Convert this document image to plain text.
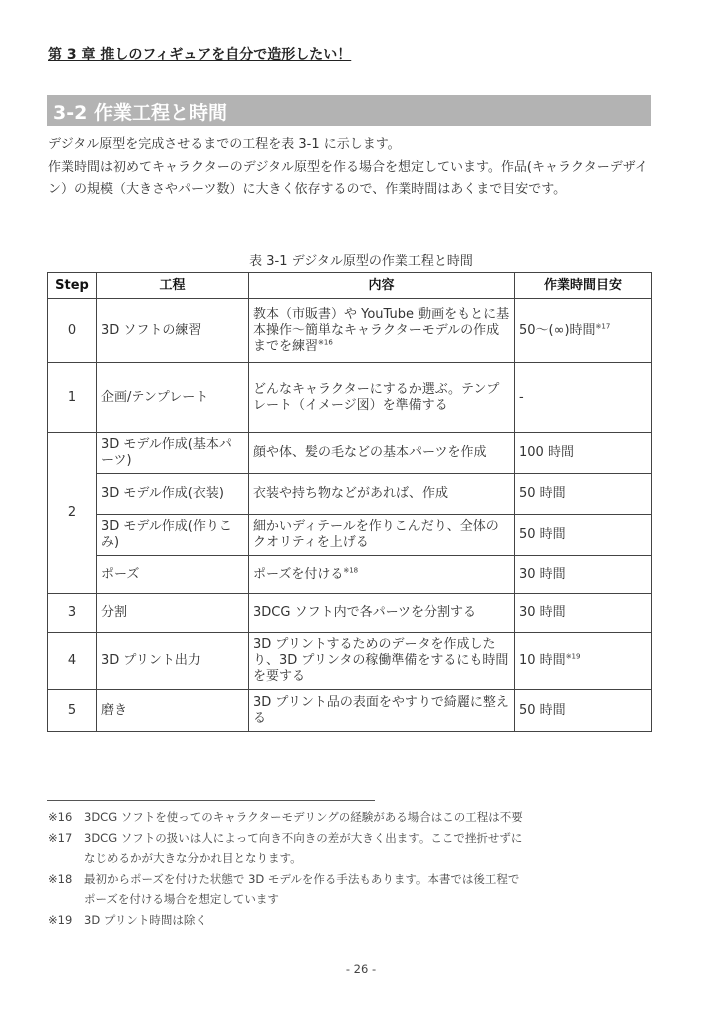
第 3 章 推しのフィギュアを自分で造形したい！
3-2 作業工程と時間

デジタル原型を完成させるまでの工程を表 3-1 に示します。

作業時間は初めてキャラクターのデジタル原型を作る場合を想定しています。作品(キャラクターデザイン）の規模（大きさやパーツ数）に大きく依存するので、作業時間はあくまで目安です。

表 3-1 デジタル原型の作業工程と時間
Step	工程	内容	作業時間目安
0	3D ソフトの練習	教本（市販書）や YouTube 動画をもとに基本操作～簡単なキャラクターモデルの作成までを練習$^{※16}$	50～(∞)時間$^{※17}$
1	企画/テンプレート	どんなキャラクターにするか選ぶ。テンプレート（イメージ図）を準備する	-
2	3D モデル作成(基本パーツ)	顔や体、髪の毛などの基本パーツを作成	100 時間
	3D モデル作成(衣装)	衣装や持ち物などがあれば、作成	50 時間
	3D モデル作成(作りこみ)	細かいディテールを作りこんだり、全体のクオリティを上げる	50 時間
	ポーズ	ポーズを付ける$^{※18}$	30 時間
3	分割	3DCG ソフト内で各パーツを分割する	30 時間
4	3D プリント出力	3D プリントするためのデータを作成したり、3D プリンタの稼働準備をするにも時間を要する	10 時間$^{※19}$
5	磨き	3D プリント品の表面をやすりで綺麗に整える	50 時間
※16 3DCG ソフトを使ってのキャラクターモデリングの経験がある場合はこの工程は不要
※17 3DCG ソフトの扱いは人によって向き不向きの差が大きく出ます。ここで挫折せずに
なじめるかが大きな分かれ目となります。
※18 最初からポーズを付けた状態で 3D モデルを作る手法もあります。本書では後工程で
ポーズを付ける場合を想定しています
※19 3D プリント時間は除く
- 26 -
